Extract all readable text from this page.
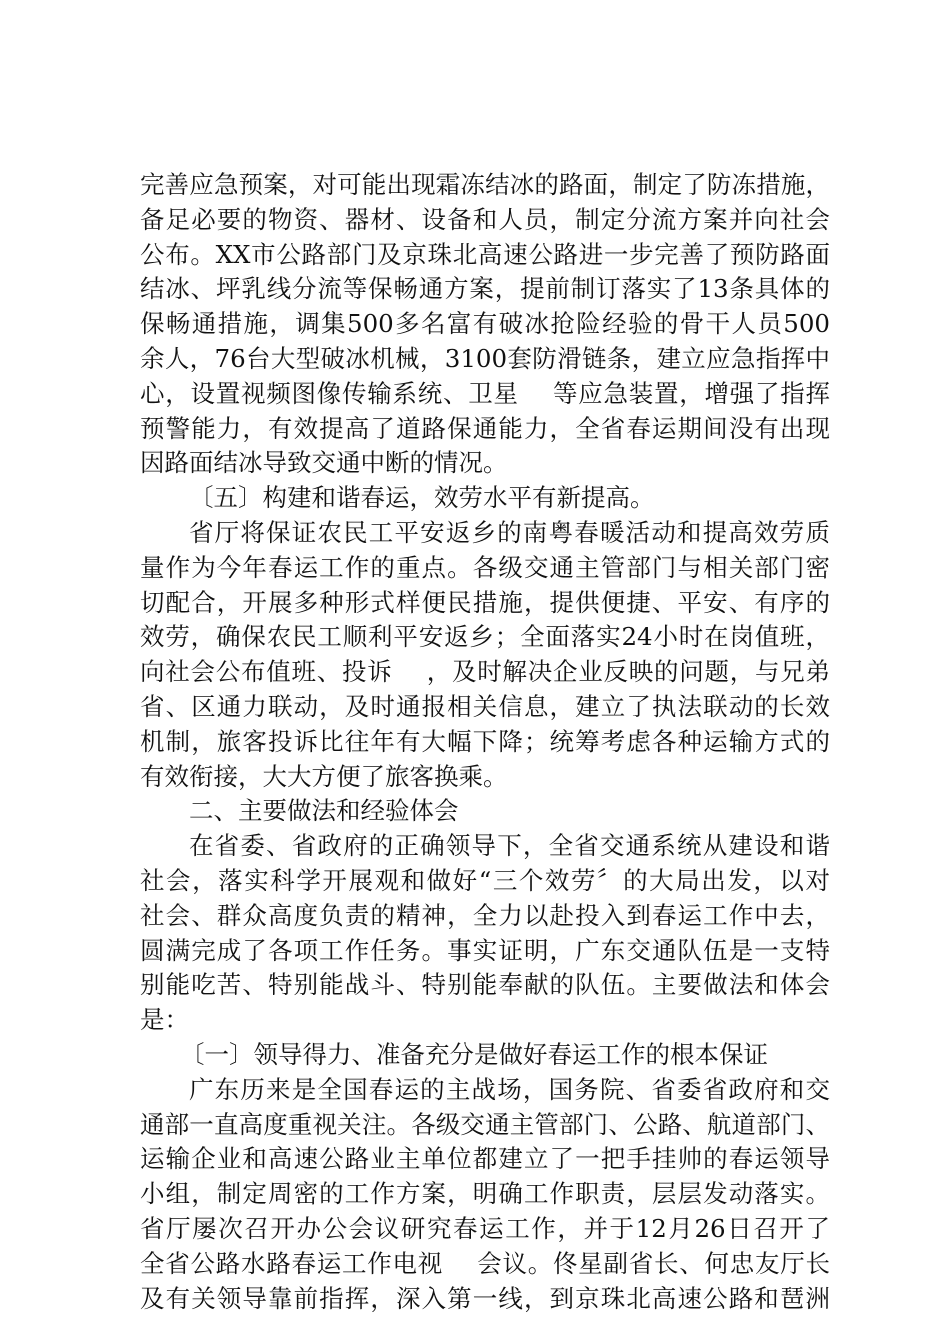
完善应急预案，对可能出现霜冻结冰的路面，制定了防冻措施，
备足必要的物资、器材、设备和人员，制定分流方案并向社会
公布。XX市公路部门及京珠北高速公路进一步完善了预防路面
结冰、坪乳线分流等保畅通方案，提前制订落实了13条具体的
保畅通措施，调集500多名富有破冰抢险经验的骨干人员500
余人，76台大型破冰机械，3100套防滑链条，建立应急指挥中
心，设置视频图像传输系统、卫星    等应急装置，增强了指挥
预警能力，有效提高了道路保通能力，全省春运期间没有出现
因路面结冰导致交通中断的情况。
〔五〕构建和谐春运，效劳水平有新提高。
省厅将保证农民工平安返乡的南粤春暖活动和提高效劳质
量作为今年春运工作的重点。各级交通主管部门与相关部门密
切配合，开展多种形式样便民措施，提供便捷、平安、有序的
效劳，确保农民工顺利平安返乡；全面落实24小时在岗值班，
向社会公布值班、投诉    ，及时解决企业反映的问题，与兄弟
省、区通力联动，及时通报相关信息，建立了执法联动的长效
机制，旅客投诉比往年有大幅下降；统筹考虑各种运输方式的
有效衔接，大大方便了旅客换乘。
二、主要做法和经验体会
在省委、省政府的正确领导下，全省交通系统从建设和谐
社会，落实科学开展观和做好“三个效劳〞的大局出发，以对
社会、群众高度负责的精神，全力以赴投入到春运工作中去，
圆满完成了各项工作任务。事实证明，广东交通队伍是一支特
别能吃苦、特别能战斗、特别能奉献的队伍。主要做法和体会
是：
〔一〕领导得力、准备充分是做好春运工作的根本保证
广东历来是全国春运的主战场，国务院、省委省政府和交
通部一直高度重视关注。各级交通主管部门、公路、航道部门、
运输企业和高速公路业主单位都建立了一把手挂帅的春运领导
小组，制定周密的工作方案，明确工作职责，层层发动落实。
省厅屡次召开办公会议研究春运工作，并于12月26日召开了
全省公路水路春运工作电视    会议。佟星副省长、何忠友厅长
及有关领导靠前指挥，深入第一线，到京珠北高速公路和琶洲
